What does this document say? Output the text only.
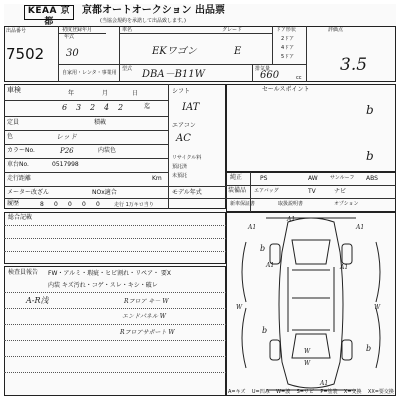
KEAA 京都
京都オートオークション 出品票
(当協会規約を承諾して出品致します。)
出品番号
7502
初度登録年月
年式
30
車名	グレード
EKワゴン	E
ドア形状
2ドア
4ドア
5ドア
評価点
3.5
自家用・レンタ・事業用
型式 DBA－B11W	排気量
660	cc
車検	年	月	日
6 3 2 4 2	迄
定員	積載
色	レッド
カラーNo.	P26	内装色
車台No.	0517998
走行距離	Km
メーター改ざん	NOx適合	モデル年式
履歴	8 0 0 0 0	走行 1万キロ当り
シフト
IAT
エアコン
AC
リサイクル料
預託済
未預託
セールスポイント
b
b
純正
装備品
PS	AW サンルーフ ABS
エアバッグ	TV	ナビ
新車保証書	取扱説明書	オプション
総合記載
検査員報告 FW・アルミ・瑕疵・ヒビ割れ・リペア・ 要X
内装 キズ汚れ・コゲ・スレ・キシ・破レ
A‐R浅	Rフロア キ－ W
エンドパネル W
Rフロアサポート W
A1
A1	A1
A1	A1
A1
W	W
W
W
b
b
b
A=キズ U=凹み W=波 S=サビ P=塗装 X=交換 XX=要交換
